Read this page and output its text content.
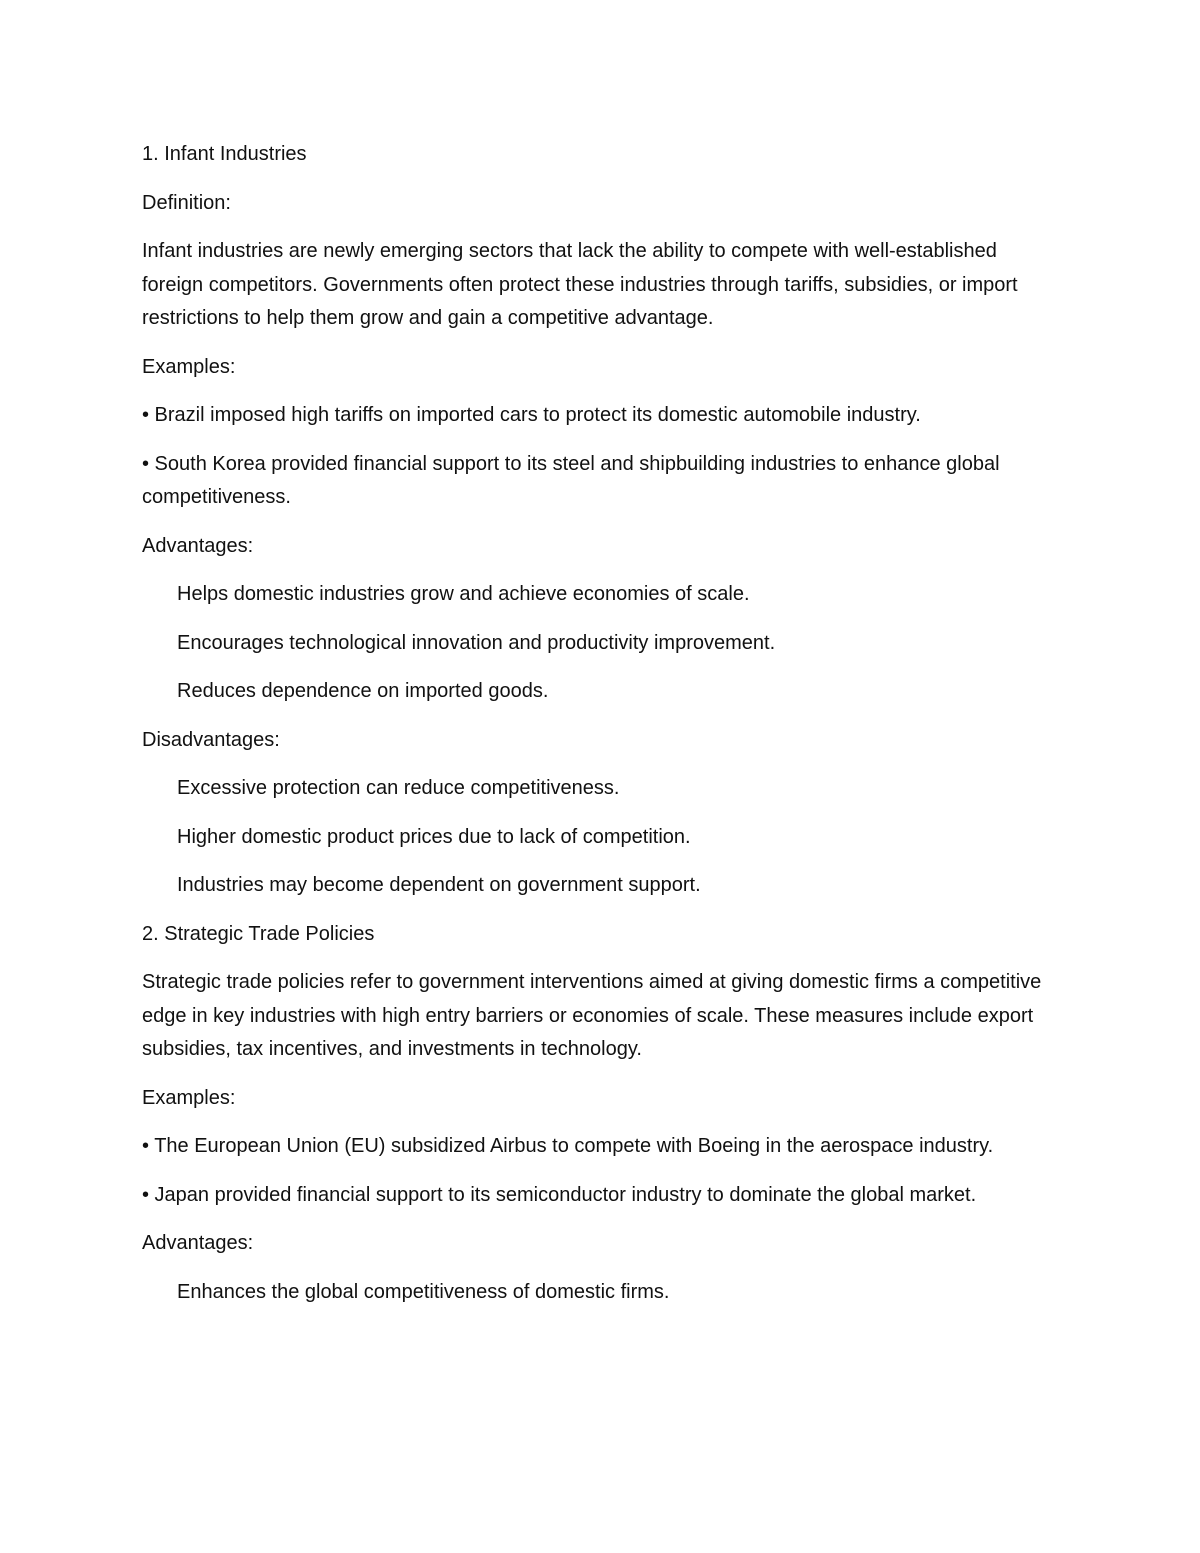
1. Infant Industries

Definition:

Infant industries are newly emerging sectors that lack the ability to compete with well-established foreign competitors. Governments often protect these industries through tariffs, subsidies, or import restrictions to help them grow and gain a competitive advantage.

Examples:

• Brazil imposed high tariffs on imported cars to protect its domestic automobile industry.

• South Korea provided financial support to its steel and shipbuilding industries to enhance global competitiveness.

Advantages:

Helps domestic industries grow and achieve economies of scale.

Encourages technological innovation and productivity improvement.

Reduces dependence on imported goods.

Disadvantages:

Excessive protection can reduce competitiveness.

Higher domestic product prices due to lack of competition.

Industries may become dependent on government support.

2. Strategic Trade Policies

Strategic trade policies refer to government interventions aimed at giving domestic firms a competitive edge in key industries with high entry barriers or economies of scale. These measures include export subsidies, tax incentives, and investments in technology.

Examples:

• The European Union (EU) subsidized Airbus to compete with Boeing in the aerospace industry.

• Japan provided financial support to its semiconductor industry to dominate the global market.

Advantages:

Enhances the global competitiveness of domestic firms.
